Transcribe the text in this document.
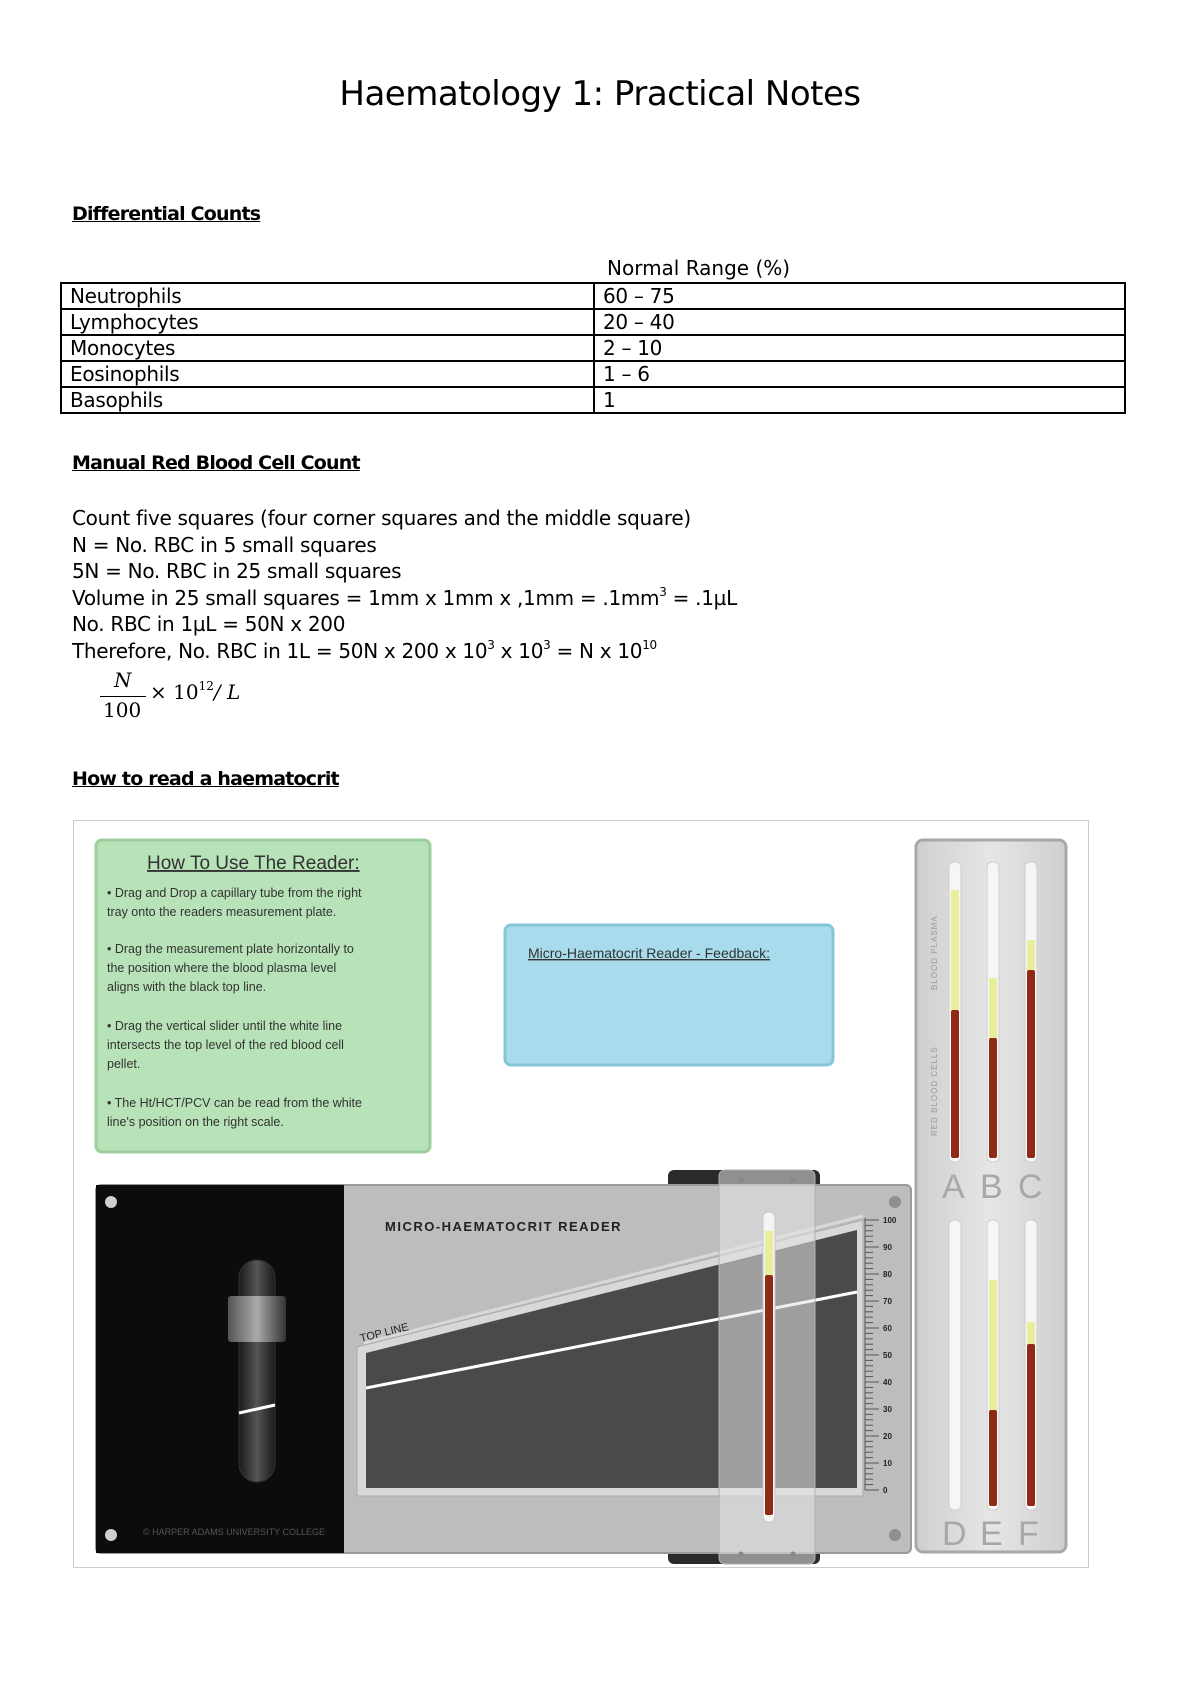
Haematology 1: Practical Notes
Differential Counts
Normal Range (%)
Neutrophils	60 – 75
Lymphocytes	20 – 40
Monocytes	2 – 10
Eosinophils	1 – 6
Basophils	1
Manual Red Blood Cell Count
Count five squares (four corner squares and the middle square)
N = No. RBC in 5 small squares
5N = No. RBC in 25 small squares
Volume in 25 small squares = 1mm x 1mm x $,1mm = .1mm^3 = .1\mu L$
No. RBC in 1µL = 50N x 200
Therefore, No. RBC in 1L = 50N x 200 x $10^3$ x $10^3 = N$ x $10^{10}$
N
100
× $10^{12}/$ L
How to read a haematocrit
How To Use The Reader:
• Drag and Drop a capillary tube from the right
tray onto the readers measurement plate.
• Drag the measurement plate horizontally to
the position where the blood plasma level
aligns with the black top line.
• Drag the vertical slider until the white line
intersects the top level of the red blood cell
pellet.
• The Ht/HCT/PCV can be read from the white
line's position on the right scale.
Micro-Haematocrit Reader - Feedback:
MICRO-HAEMATOCRIT READER
© HARPER ADAMS UNIVERSITY COLLEGE
TOP LINE
100
90
80
70
60
50
40
30
20
10
0
RED BLOOD CELLS
BLOOD PLASMA
A B C
D E F
